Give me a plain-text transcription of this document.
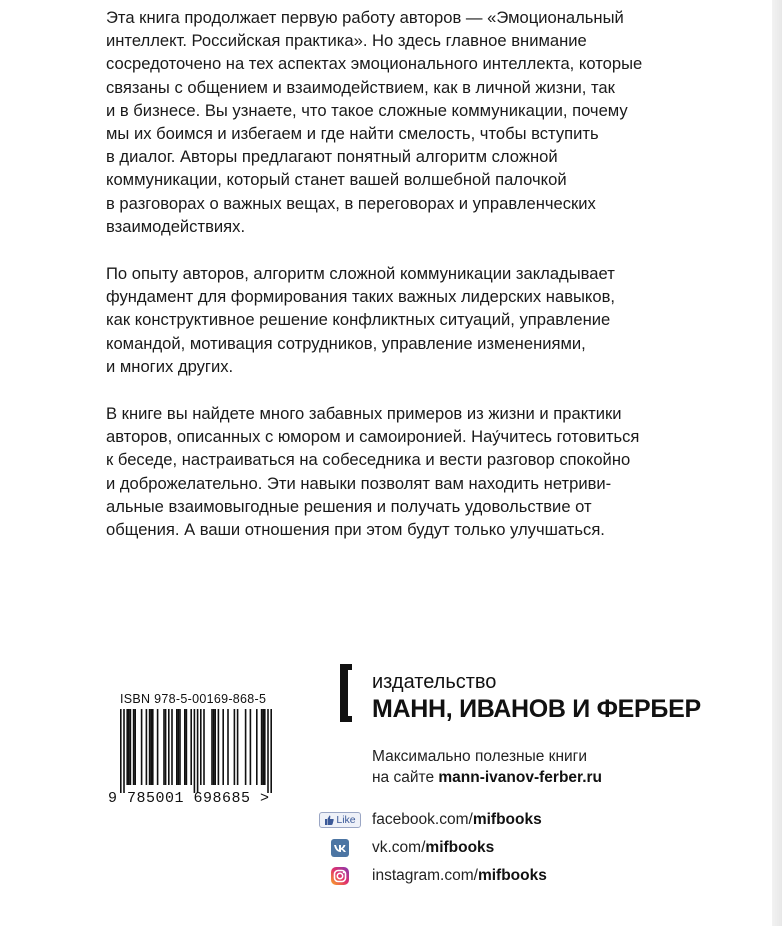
Эта книга продолжает первую работу авторов — «Эмоциональный
интеллект. Российская практика». Но здесь главное внимание
сосредоточено на тех аспектах эмоционального интеллекта, которые
связаны с общением и взаимодействием, как в личной жизни, так
и в бизнесе. Вы узнаете, что такое сложные коммуникации, почему
мы их боимся и избегаем и где найти смелость, чтобы вступить
в диалог. Авторы предлагают понятный алгоритм сложной
коммуникации, который станет вашей волшебной палочкой
в разговорах о важных вещах, в переговорах и управленческих
взаимодействиях.

По опыту авторов, алгоритм сложной коммуникации закладывает
фундамент для формирования таких важных лидерских навыков,
как конструктивное решение конфликтных ситуаций, управление
командой, мотивация сотрудников, управление изменениями,
и многих других.

В книге вы найдете много забавных примеров из жизни и практики
авторов, описанных с юмором и самоиронией. Нау́читесь готовиться
к беседе, настраиваться на собеседника и вести разговор спокойно
и доброжелательно. Эти навыки позволят вам находить нетриви-
альные взаимовыгодные решения и получать удовольствие от
общения. А ваши отношения при этом будут только улучшаться.

ISBN 978-5-00169-868-5
9 785001 698685 >
издательство
МАНН, ИВАНОВ И ФЕРБЕР
Максимально полезные книги
на сайте mann-ivanov-ferber.ru
Like facebook.com/mifbooks
vk.com/mifbooks
instagram.com/mifbooks
